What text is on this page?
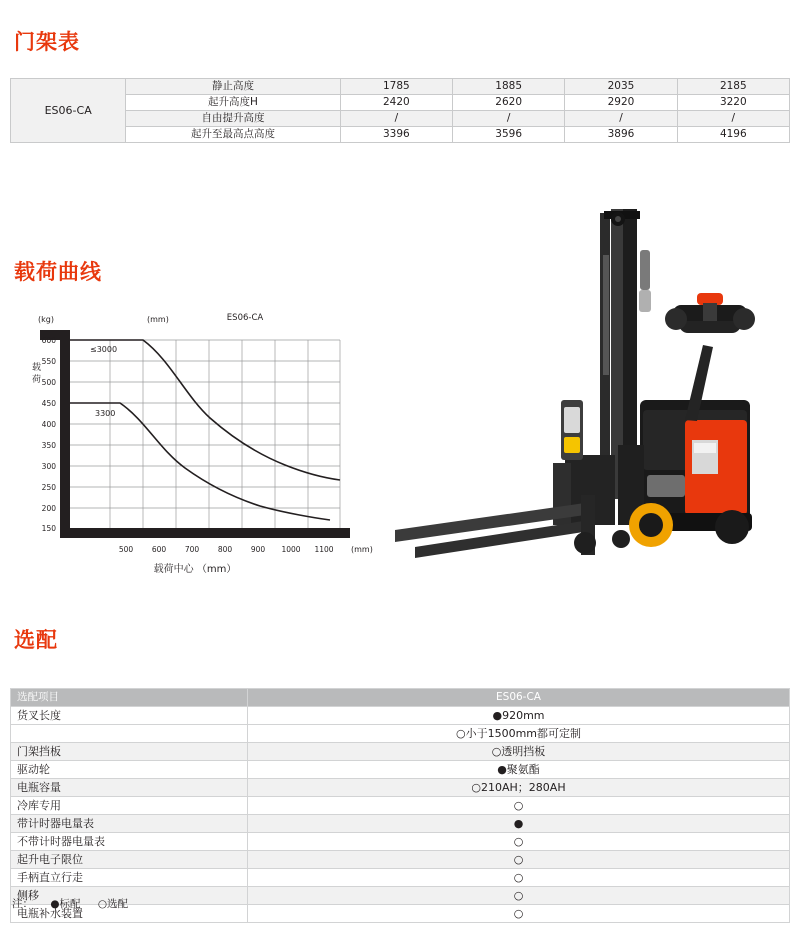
门架表
ES06-CA	静止高度	1785	1885	2035	2185
	起升高度H	2420	2620	2920	3220
	自由提升高度	/	/	/	/
	起升至最高点高度	3396	3596	3896	4196
载荷曲线
600
550
500
450
400
350
300
250
200
150
500 600 700 800 900 1000 1100
(kg)	(mm)
(mm)
ES06-CA
载
荷
载荷中心 （mm）
≤3000
3300
选配
选配项目	ES06-CA
货叉长度	●920mm
	○小于1500mm都可定制
门架挡板	○透明挡板
驱动轮	●聚氨酯
电瓶容量	○210AH；280AH
冷库专用	○
带计时器电量表	●
不带计时器电量表	○
起升电子限位	○
手柄直立行走	○
侧移	○
电瓶补水装置	○
注： ●标配 ○选配
